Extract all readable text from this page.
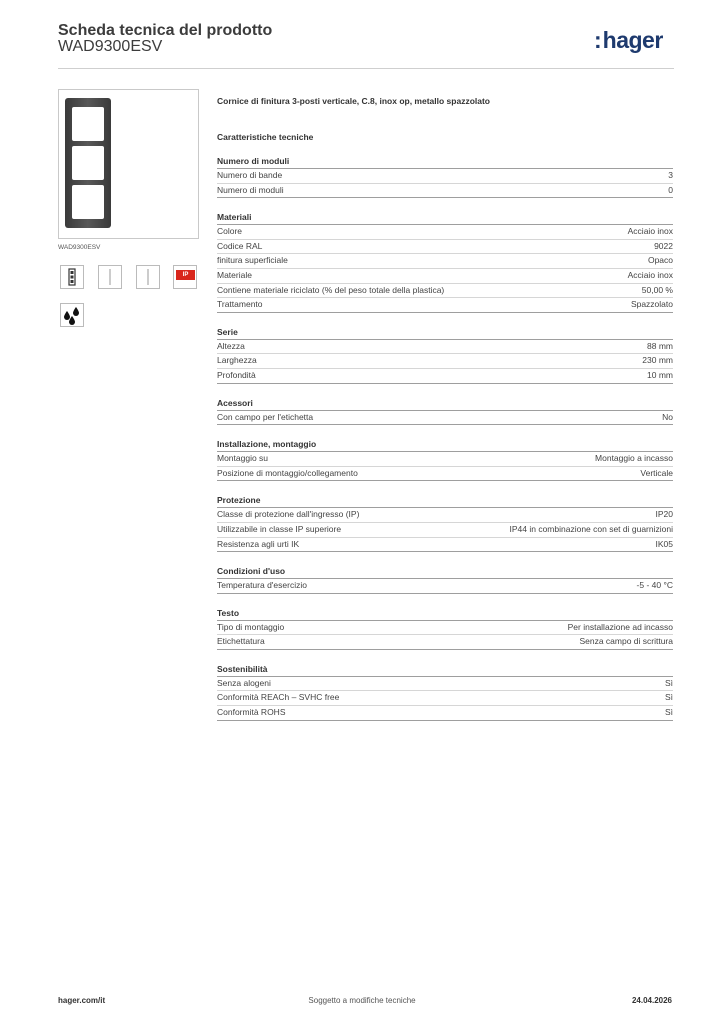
Scheda tecnica del prodotto
WAD9300ESV	:hager
WAD9300ESV
IP
Cornice di finitura 3-posti verticale, C.8, inox op, metallo spazzolato
Caratteristiche tecniche
Numero di moduli
Numero di bande	3
Numero di moduli	0
Materiali
Colore	Acciaio inox
Codice RAL	9022
finitura superficiale	Opaco
Materiale	Acciaio inox
Contiene materiale riciclato (% del peso totale della plastica)	50,00 %
Trattamento	Spazzolato
Serie
Altezza	88 mm
Larghezza	230 mm
Profondità	10 mm
Acessori
Con campo per l'etichetta	No
Installazione, montaggio
Montaggio su	Montaggio a incasso
Posizione di montaggio/collegamento	Verticale
Protezione
Classe di protezione dall'ingresso (IP)	IP20
Utilizzabile in classe IP superiore	IP44 in combinazione con set di guarnizioni
Resistenza agli urti IK	IK05
Condizioni d'uso
Temperatura d'esercizio	-5 - 40 °C
Testo
Tipo di montaggio	Per installazione ad incasso
Etichettatura	Senza campo di scrittura
Sostenibilità
Senza alogeni	Sì
Conformità REACh – SVHC free	Sì
Conformità ROHS	Sì
hager.com/it	Soggetto a modifiche tecniche	24.04.2026
